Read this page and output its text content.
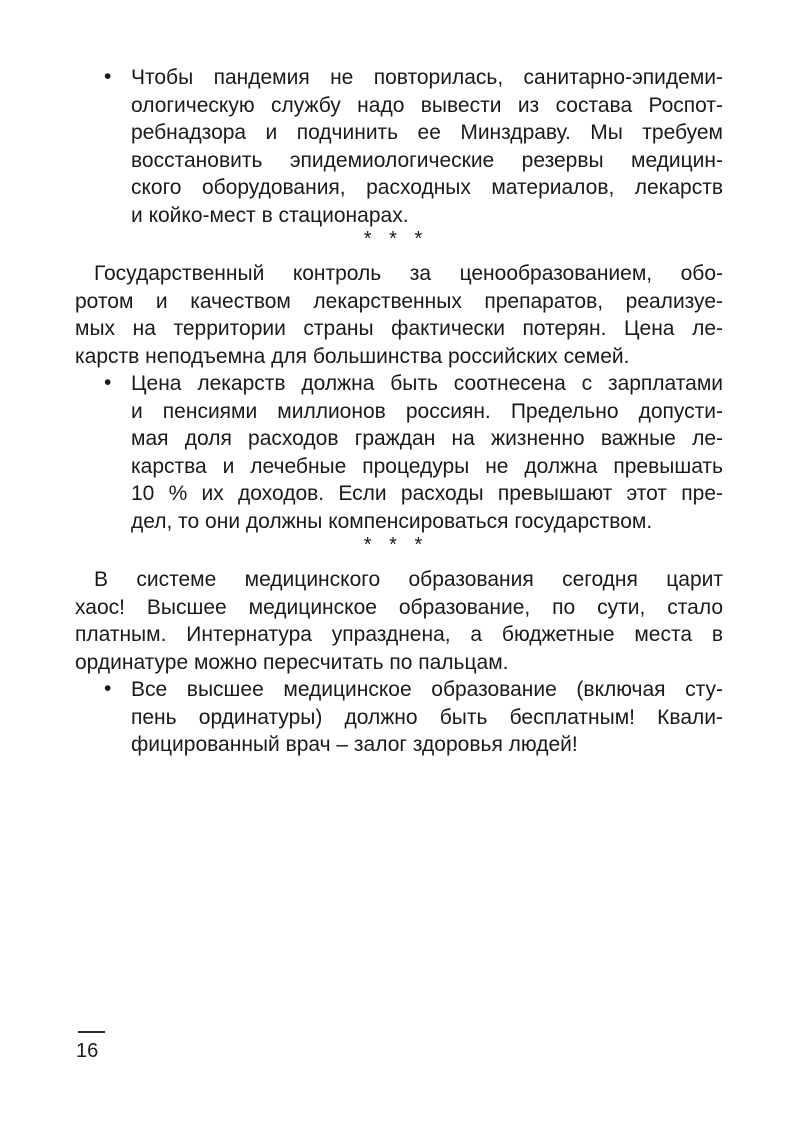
• Чтобы пандемия не повторилась, санитарно-эпидеми-
ологическую службу надо вывести из состава Роспот-
ребнадзора и подчинить ее Минздраву. Мы требуем
восстановить эпидемиологические резервы медицин-
ского оборудования, расходных материалов, лекарств
и койко-мест в стационарах.
* * *
Государственный контроль за ценообразованием, обо-
ротом и качеством лекарственных препаратов, реализуе-
мых на территории страны фактически потерян. Цена ле-
карств неподъемна для большинства российских семей.
• Цена лекарств должна быть соотнесена с зарплатами
и пенсиями миллионов россиян. Предельно допусти-
мая доля расходов граждан на жизненно важные ле-
карства и лечебные процедуры не должна превышать
10 % их доходов. Если расходы превышают этот пре-
дел, то они должны компенсироваться государством.
* * *
В системе медицинского образования сегодня царит
хаос! Высшее медицинское образование, по сути, стало
платным. Интернатура упразднена, а бюджетные места в
ординатуре можно пересчитать по пальцам.
• Все высшее медицинское образование (включая сту-
пень ординатуры) должно быть бесплатным! Квали-
фицированный врач – залог здоровья людей!
16
